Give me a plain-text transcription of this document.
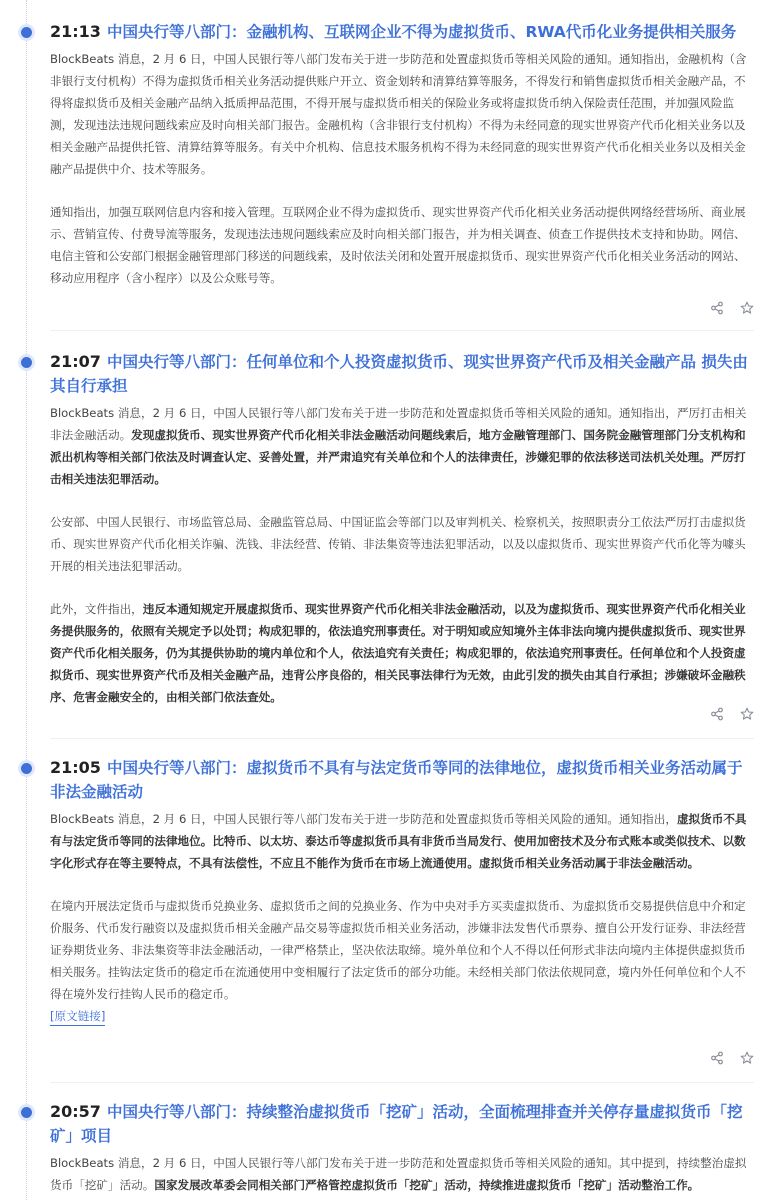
21:13 中国央行等八部门：金融机构、互联网企业不得为虚拟货币、RWA代币化业务提供相关服务

BlockBeats 消息，2 月 6 日，中国人民银行等八部门发布关于进一步防范和处置虚拟货币等相关风险的通知。通知指出，金融机构（含非银行支付机构）不得为虚拟货币相关业务活动提供账户开立、资金划转和清算结算等服务，不得发行和销售虚拟货币相关金融产品，不得将虚拟货币及相关金融产品纳入抵质押品范围，不得开展与虚拟货币相关的保险业务或将虚拟货币纳入保险责任范围，并加强风险监测，发现违法违规问题线索应及时向相关部门报告。金融机构（含非银行支付机构）不得为未经同意的现实世界资产代币化相关业务以及相关金融产品提供托管、清算结算等服务。有关中介机构、信息技术服务机构不得为未经同意的现实世界资产代币化相关业务以及相关金融产品提供中介、技术等服务。

通知指出，加强互联网信息内容和接入管理。互联网企业不得为虚拟货币、现实世界资产代币化相关业务活动提供网络经营场所、商业展示、营销宣传、付费导流等服务，发现违法违规问题线索应及时向相关部门报告，并为相关调查、侦查工作提供技术支持和协助。网信、电信主管和公安部门根据金融管理部门移送的问题线索，及时依法关闭和处置开展虚拟货币、现实世界资产代币化相关业务活动的网站、移动应用程序（含小程序）以及公众账号等。

21:07 中国央行等八部门：任何单位和个人投资虚拟货币、现实世界资产代币及相关金融产品 损失由其自行承担

BlockBeats 消息，2 月 6 日，中国人民银行等八部门发布关于进一步防范和处置虚拟货币等相关风险的通知。通知指出，严厉打击相关非法金融活动。发现虚拟货币、现实世界资产代币化相关非法金融活动问题线索后，地方金融管理部门、国务院金融管理部门分支机构和派出机构等相关部门依法及时调查认定、妥善处置，并严肃追究有关单位和个人的法律责任，涉嫌犯罪的依法移送司法机关处理。严厉打击相关违法犯罪活动。

公安部、中国人民银行、市场监管总局、金融监管总局、中国证监会等部门以及审判机关、检察机关，按照职责分工依法严厉打击虚拟货币、现实世界资产代币化相关诈骗、洗钱、非法经营、传销、非法集资等违法犯罪活动，以及以虚拟货币、现实世界资产代币化等为噱头开展的相关违法犯罪活动。

此外，文件指出，违反本通知规定开展虚拟货币、现实世界资产代币化相关非法金融活动，以及为虚拟货币、现实世界资产代币化相关业务提供服务的，依照有关规定予以处罚；构成犯罪的，依法追究刑事责任。对于明知或应知境外主体非法向境内提供虚拟货币、现实世界资产代币化相关服务，仍为其提供协助的境内单位和个人，依法追究有关责任；构成犯罪的，依法追究刑事责任。任何单位和个人投资虚拟货币、现实世界资产代币及相关金融产品，违背公序良俗的，相关民事法律行为无效，由此引发的损失由其自行承担；涉嫌破坏金融秩序、危害金融安全的，由相关部门依法查处。

21:05 中国央行等八部门：虚拟货币不具有与法定货币等同的法律地位，虚拟货币相关业务活动属于非法金融活动

BlockBeats 消息，2 月 6 日，中国人民银行等八部门发布关于进一步防范和处置虚拟货币等相关风险的通知。通知指出，虚拟货币不具有与法定货币等同的法律地位。比特币、以太坊、泰达币等虚拟货币具有非货币当局发行、使用加密技术及分布式账本或类似技术、以数字化形式存在等主要特点，不具有法偿性，不应且不能作为货币在市场上流通使用。虚拟货币相关业务活动属于非法金融活动。

在境内开展法定货币与虚拟货币兑换业务、虚拟货币之间的兑换业务、作为中央对手方买卖虚拟货币、为虚拟货币交易提供信息中介和定价服务、代币发行融资以及虚拟货币相关金融产品交易等虚拟货币相关业务活动，涉嫌非法发售代币票券、擅自公开发行证券、非法经营证券期货业务、非法集资等非法金融活动，一律严格禁止，坚决依法取缔。境外单位和个人不得以任何形式非法向境内主体提供虚拟货币相关服务。挂钩法定货币的稳定币在流通使用中变相履行了法定货币的部分功能。未经相关部门依法依规同意，境内外任何单位和个人不得在境外发行挂钩人民币的稳定币。
[原文链接]

20:57 中国央行等八部门：持续整治虚拟货币「挖矿」活动，全面梳理排查并关停存量虚拟货币「挖矿」项目

BlockBeats 消息，2 月 6 日，中国人民银行等八部门发布关于进一步防范和处置虚拟货币等相关风险的通知。其中提到，持续整治虚拟货币「挖矿」活动。国家发展改革委会同相关部门严格管控虚拟货币「挖矿」活动，持续推进虚拟货币「挖矿」活动整治工作。
